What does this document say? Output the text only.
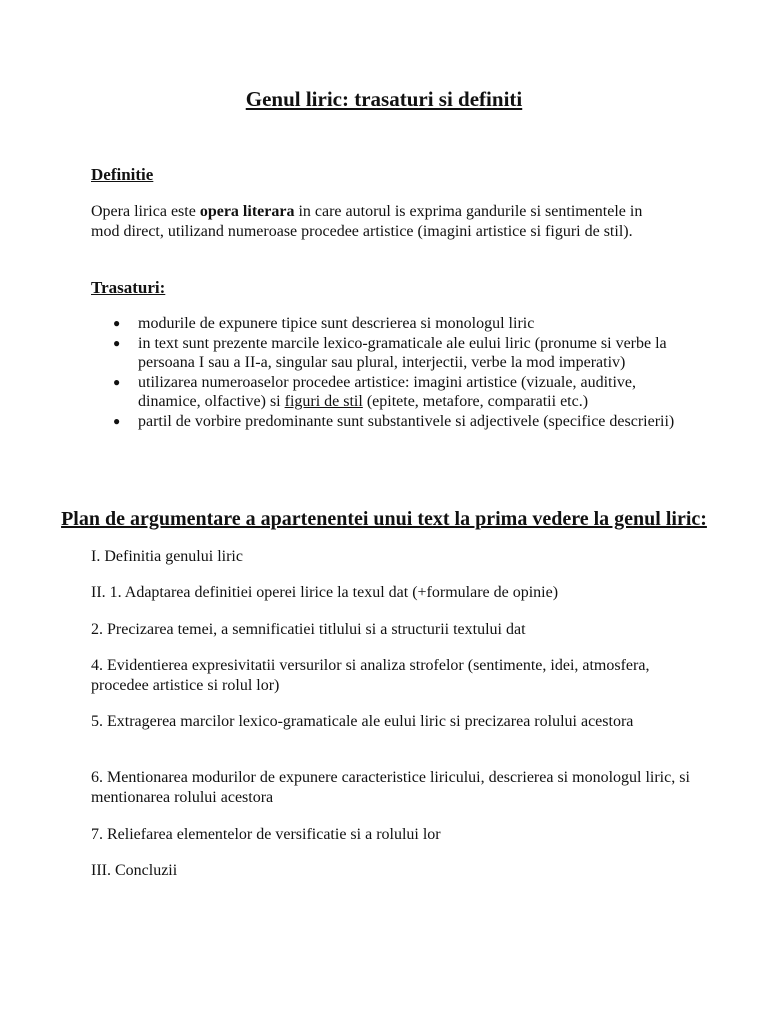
Genul liric: trasaturi si definiti
Definitie
Opera lirica este opera literara in care autorul is exprima gandurile si sentimentele in mod direct, utilizand numeroase procedee artistice (imagini artistice si figuri de stil).
Trasaturi:
● modurile de expunere tipice sunt descrierea si monologul liric
● in text sunt prezente marcile lexico-gramaticale ale eului liric (pronume si verbe la persoana I sau a II-a, singular sau plural, interjectii, verbe la mod imperativ)
● utilizarea numeroaselor procedee artistice: imagini artistice (vizuale, auditive, dinamice, olfactive) si figuri de stil (epitete, metafore, comparatii etc.)
● partil de vorbire predominante sunt substantivele si adjectivele (specifice descrierii)
Plan de argumentare a apartenentei unui text la prima vedere la genul liric:
I. Definitia genului liric
II. 1. Adaptarea definitiei operei lirice la texul dat (+formulare de opinie)
2. Precizarea temei, a semnificatiei titlului si a structurii textului dat
4. Evidentierea expresivitatii versurilor si analiza strofelor (sentimente, idei, atmosfera, procedee artistice si rolul lor)
5. Extragerea marcilor lexico-gramaticale ale eului liric si precizarea rolului acestora
6. Mentionarea modurilor de expunere caracteristice liricului, descrierea si monologul liric, si mentionarea rolului acestora
7. Reliefarea elementelor de versificatie si a rolului lor
III. Concluzii
